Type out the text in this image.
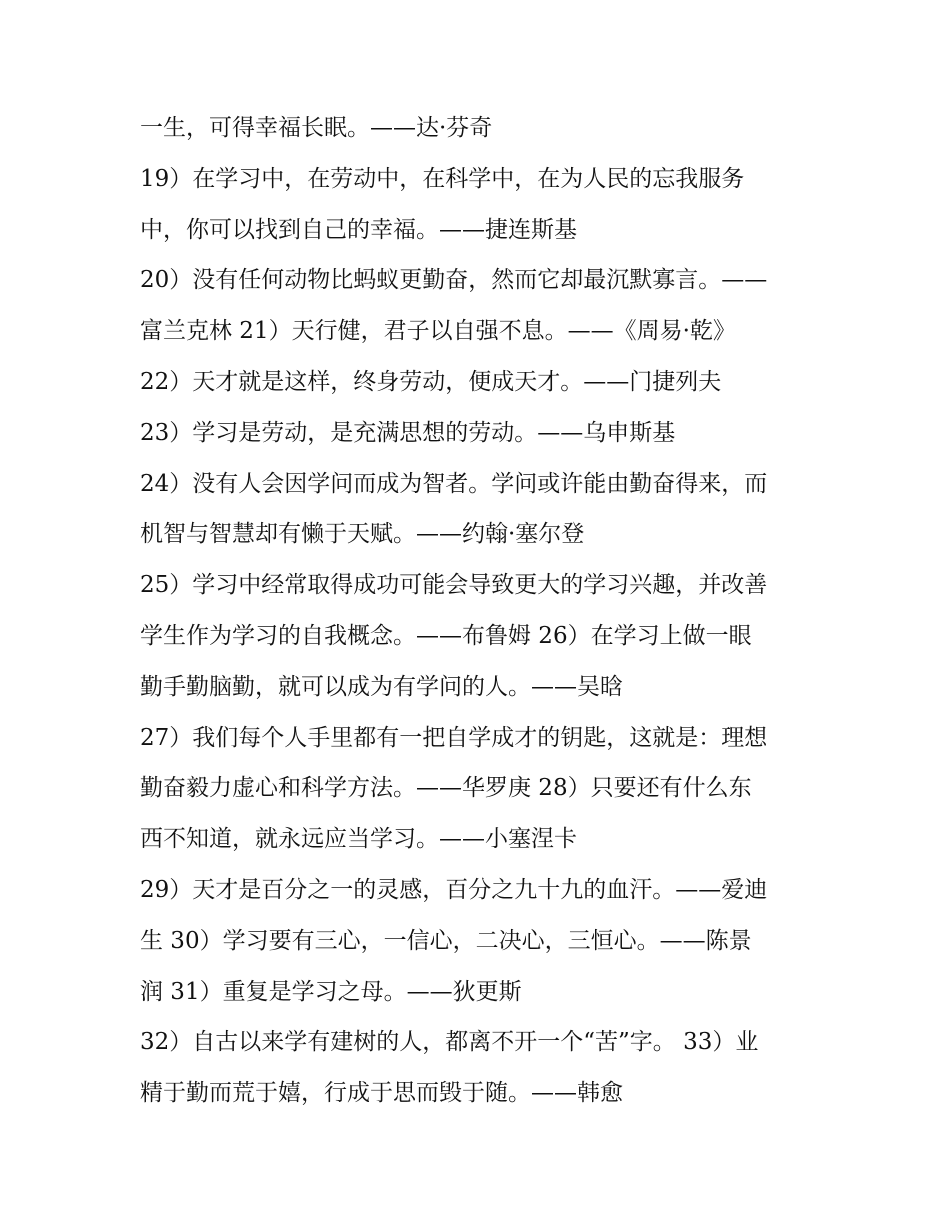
一生，可得幸福长眠。——达·芬奇
19）在学习中，在劳动中，在科学中，在为人民的忘我服务
中，你可以找到自己的幸福。——捷连斯基
20）没有任何动物比蚂蚁更勤奋，然而它却最沉默寡言。——
富兰克林 21）天行健，君子以自强不息。——《周易·乾》
22）天才就是这样，终身劳动，便成天才。——门捷列夫
23）学习是劳动，是充满思想的劳动。——乌申斯基
24）没有人会因学问而成为智者。学问或许能由勤奋得来，而
机智与智慧却有懒于天赋。——约翰·塞尔登
25）学习中经常取得成功可能会导致更大的学习兴趣，并改善
学生作为学习的自我概念。——布鲁姆 26）在学习上做一眼
勤手勤脑勤，就可以成为有学问的人。——吴晗
27）我们每个人手里都有一把自学成才的钥匙，这就是：理想
勤奋毅力虚心和科学方法。——华罗庚 28）只要还有什么东
西不知道，就永远应当学习。——小塞涅卡
29）天才是百分之一的灵感，百分之九十九的血汗。——爱迪
生 30）学习要有三心，一信心，二决心，三恒心。——陈景
润 31）重复是学习之母。——狄更斯
32）自古以来学有建树的人，都离不开一个“苦”字。 33）业
精于勤而荒于嬉，行成于思而毁于随。——韩愈
